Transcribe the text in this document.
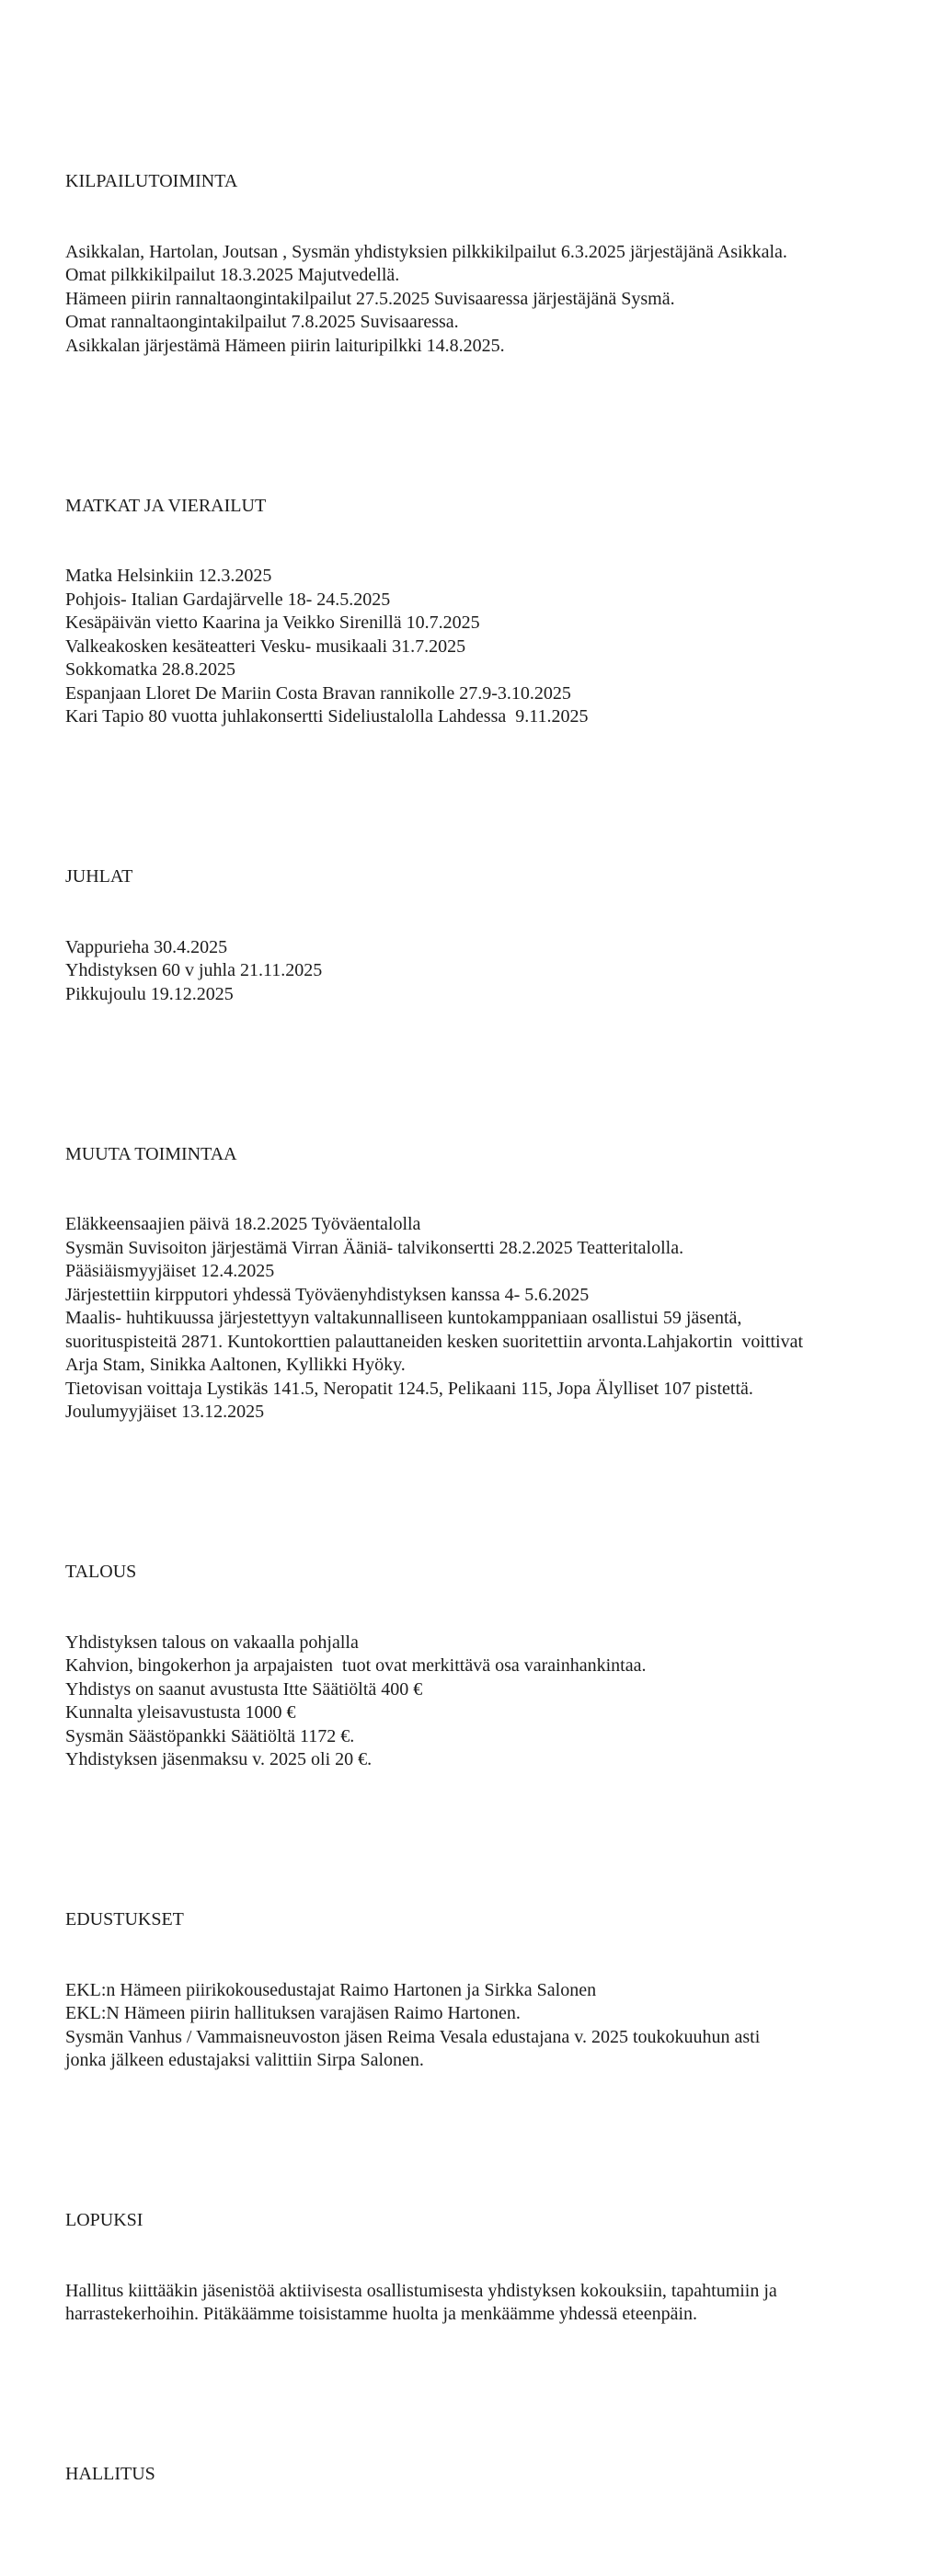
KILPAILUTOIMINTA

Asikkalan, Hartolan, Joutsan , Sysmän yhdistyksien pilkkikilpailut 6.3.2025 järjestäjänä Asikkala.
Omat pilkkikilpailut 18.3.2025 Majutvedellä.
Hämeen piirin rannaltaongintakilpailut 27.5.2025 Suvisaaressa järjestäjänä Sysmä.
Omat rannaltaongintakilpailut 7.8.2025 Suvisaaressa.
Asikkalan järjestämä Hämeen piirin laituripilkki 14.8.2025.

MATKAT JA VIERAILUT

Matka Helsinkiin 12.3.2025
Pohjois- Italian Gardajärvelle 18- 24.5.2025
Kesäpäivän vietto Kaarina ja Veikko Sirenillä 10.7.2025
Valkeakosken kesäteatteri Vesku- musikaali 31.7.2025
Sokkomatka 28.8.2025
Espanjaan Lloret De Mariin Costa Bravan rannikolle 27.9-3.10.2025
Kari Tapio 80 vuotta juhlakonsertti Sideliustalolla Lahdessa  9.11.2025

JUHLAT

Vappurieha 30.4.2025
Yhdistyksen 60 v juhla 21.11.2025
Pikkujoulu 19.12.2025

MUUTA TOIMINTAA

Eläkkeensaajien päivä 18.2.2025 Työväentalolla
Sysmän Suvisoiton järjestämä Virran Ääniä- talvikonsertti 28.2.2025 Teatteritalolla.
Pääsiäismyyjäiset 12.4.2025
Järjestettiin kirpputori yhdessä Työväenyhdistyksen kanssa 4- 5.6.2025
Maalis- huhtikuussa järjestettyyn valtakunnalliseen kuntokamppaniaan osallistui 59 jäsentä,
suorituspisteitä 2871. Kuntokorttien palauttaneiden kesken suoritettiin arvonta.Lahjakortin  voittivat
Arja Stam, Sinikka Aaltonen, Kyllikki Hyöky.
Tietovisan voittaja Lystikäs 141.5, Neropatit 124.5, Pelikaani 115, Jopa Älylliset 107 pistettä.
Joulumyyjäiset 13.12.2025

TALOUS

Yhdistyksen talous on vakaalla pohjalla
Kahvion, bingokerhon ja arpajaisten  tuot ovat merkittävä osa varainhankintaa.
Yhdistys on saanut avustusta Itte Säätiöltä 400 €
Kunnalta yleisavustusta 1000 €
Sysmän Säästöpankki Säätiöltä 1172 €.
Yhdistyksen jäsenmaksu v. 2025 oli 20 €.

EDUSTUKSET

EKL:n Hämeen piirikokousedustajat Raimo Hartonen ja Sirkka Salonen
EKL:N Hämeen piirin hallituksen varajäsen Raimo Hartonen.
Sysmän Vanhus / Vammaisneuvoston jäsen Reima Vesala edustajana v. 2025 toukokuuhun asti
jonka jälkeen edustajaksi valittiin Sirpa Salonen.

LOPUKSI

Hallitus kiittääkin jäsenistöä aktiivisesta osallistumisesta yhdistyksen kokouksiin, tapahtumiin ja
harrastekerhoihin. Pitäkäämme toisistamme huolta ja menkäämme yhdessä eteenpäin.

HALLITUS
